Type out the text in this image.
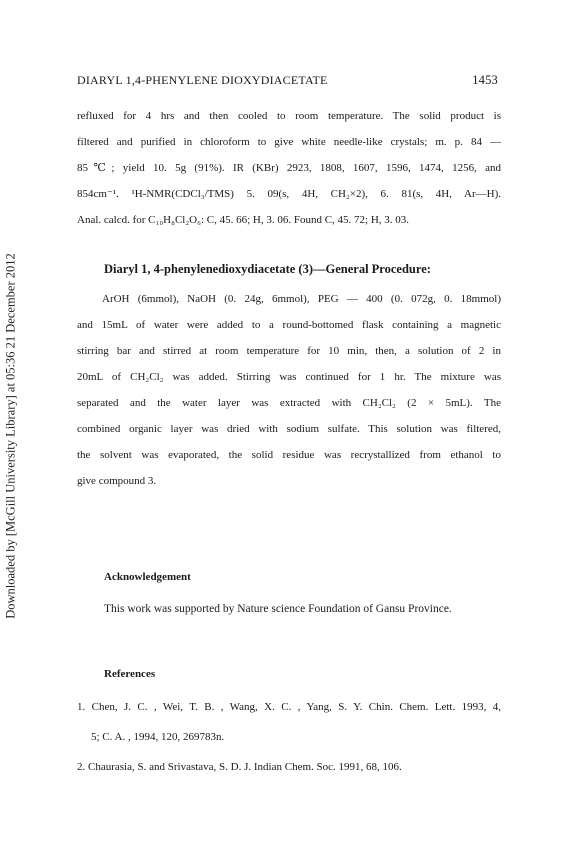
Downloaded by [McGill University Library] at 05:36 21 December 2012
DIARYL 1,4-PHENYLENE DIOXYDIACETATE	1453
refluxed for 4 hrs and then cooled to room temperature. The solid product is
filtered and purified in chloroform to give white needle-like crystals; m. p. 84 —
85℃; yield 10. 5g (91%). IR (KBr) 2923, 1808, 1607, 1596, 1474, 1256, and
854cm⁻¹. ¹H-NMR(CDCl₃/TMS) 5. 09(s, 4H, CH₂×2), 6. 81(s, 4H, Ar—H).
Anal. calcd. for C₁₀H₈Cl₂O₆: C, 45. 66; H, 3. 06. Found C, 45. 72; H, 3. 03.
Diaryl 1, 4-phenylenedioxydiacetate (3)—General Procedure:
ArOH (6mmol), NaOH (0. 24g, 6mmol), PEG — 400 (0. 072g, 0. 18mmol)
and 15mL of water were added to a round-bottomed flask containing a magnetic
stirring bar and stirred at room temperature for 10 min, then, a solution of 2 in
20mL of CH₂Cl₂ was added. Stirring was continued for 1 hr. The mixture was
separated and the water layer was extracted with CH₂Cl₂ (2 × 5mL). The
combined organic layer was dried with sodium sulfate. This solution was filtered,
the solvent was evaporated, the solid residue was recrystallized from ethanol to
give compound 3.
Acknowledgement
This work was supported by Nature science Foundation of Gansu Province.
References
1. Chen, J. C. , Wei, T. B. , Wang, X. C. , Yang, S. Y. Chin. Chem. Lett. 1993, 4,
5; C. A. , 1994, 120, 269783n.
2. Chaurasia, S. and Srivastava, S. D. J. Indian Chem. Soc. 1991, 68, 106.
